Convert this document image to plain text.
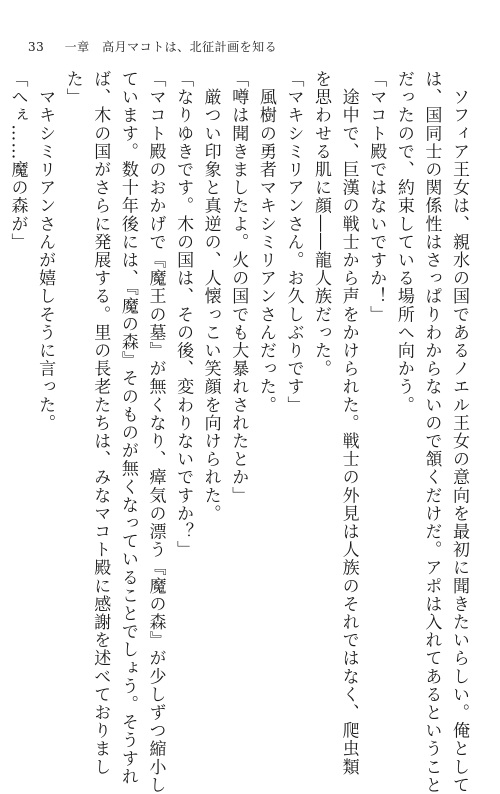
33 一章　高月マコトは、北征計画を知る
　ソフィア王女は、親水の国であるノエル王女の意向を最初に聞きたいらしい。俺として
は、国同士の関係性はさっぱりわからないので頷くだけだ。アポは入れてあるということ
だったので、約束している場所へ向かう。
「マコト殿ではないですか！」
　途中で、巨漢の戦士から声をかけられた。戦士の外見は人族のそれではなく、爬虫類
を思わせる肌に顔――龍人族だった。
「マキシミリアンさん。お久しぶりです」
　風樹の勇者マキシミリアンさんだった。
「噂は聞きましたよ。火の国でも大暴れされたとか」
　厳つい印象と真逆の、人懐っこい笑顔を向けられた。
「なりゆきです。木の国は、その後、変わりないですか？」
「マコト殿のおかげで『魔王の墓』が無くなり、瘴気の漂う『魔の森』が少しずつ縮小し
ています。数十年後には、『魔の森』そのものが無くなっていることでしょう。そうすれ
ば、木の国がさらに発展する。里の長老たちは、みなマコト殿に感謝を述べておりまし
た」
　マキシミリアンさんが嬉しそうに言った。
「へぇ……魔の森が」
